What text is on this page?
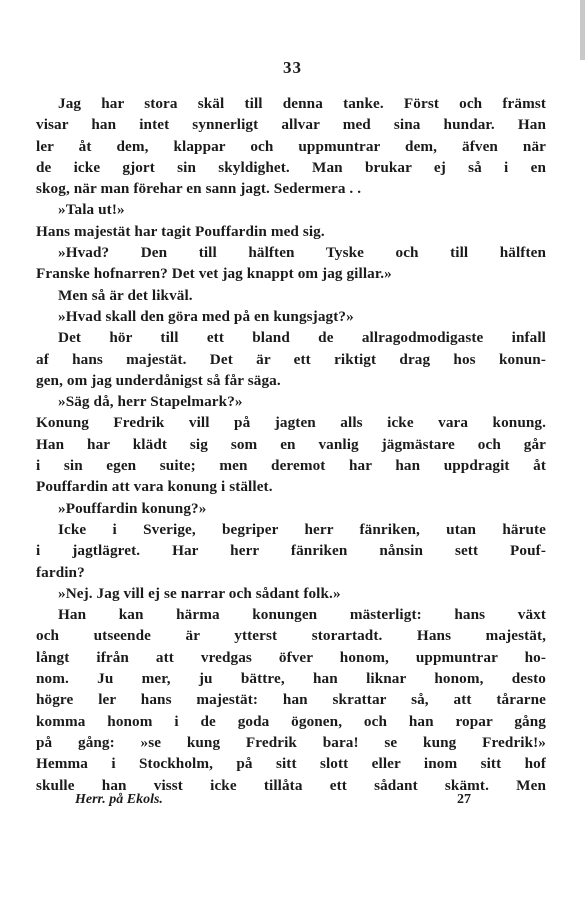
33
Jag har stora skäl till denna tanke. Först och främst
visar han intet synnerligt allvar med sina hundar. Han
ler åt dem, klappar och uppmuntrar dem, äfven när
de icke gjort sin skyldighet. Man brukar ej så i en
skog, när man förehar en sann jagt. Sedermera . .
»Tala ut!»
Hans majestät har tagit Pouffardin med sig.
»Hvad? Den till hälften Tyske och till hälften
Franske hofnarren? Det vet jag knappt om jag gillar.»
Men så är det likväl.
»Hvad skall den göra med på en kungsjagt?»
Det hör till ett bland de allragodmodigaste infall
af hans majestät. Det är ett riktigt drag hos konun-
gen, om jag underdånigst så får säga.
»Säg då, herr Stapelmark?»
Konung Fredrik vill på jagten alls icke vara konung.
Han har klädt sig som en vanlig jägmästare och går
i sin egen suite; men deremot har han uppdragit åt
Pouffardin att vara konung i stället.
»Pouffardin konung?»
Icke i Sverige, begriper herr fänriken, utan härute
i jagtlägret. Har herr fänriken nånsin sett Pouf-
fardin?
»Nej. Jag vill ej se narrar och sådant folk.»
Han kan härma konungen mästerligt: hans växt
och utseende är ytterst storartadt. Hans majestät,
långt ifrån att vredgas öfver honom, uppmuntrar ho-
nom. Ju mer, ju bättre, han liknar honom, desto
högre ler hans majestät: han skrattar så, att tårarne
komma honom i de goda ögonen, och han ropar gång
på gång: »se kung Fredrik bara! se kung Fredrik!»
Hemma i Stockholm, på sitt slott eller inom sitt hof
skulle han visst icke tillåta ett sådant skämt. Men
Herr. på Ekols.	27
